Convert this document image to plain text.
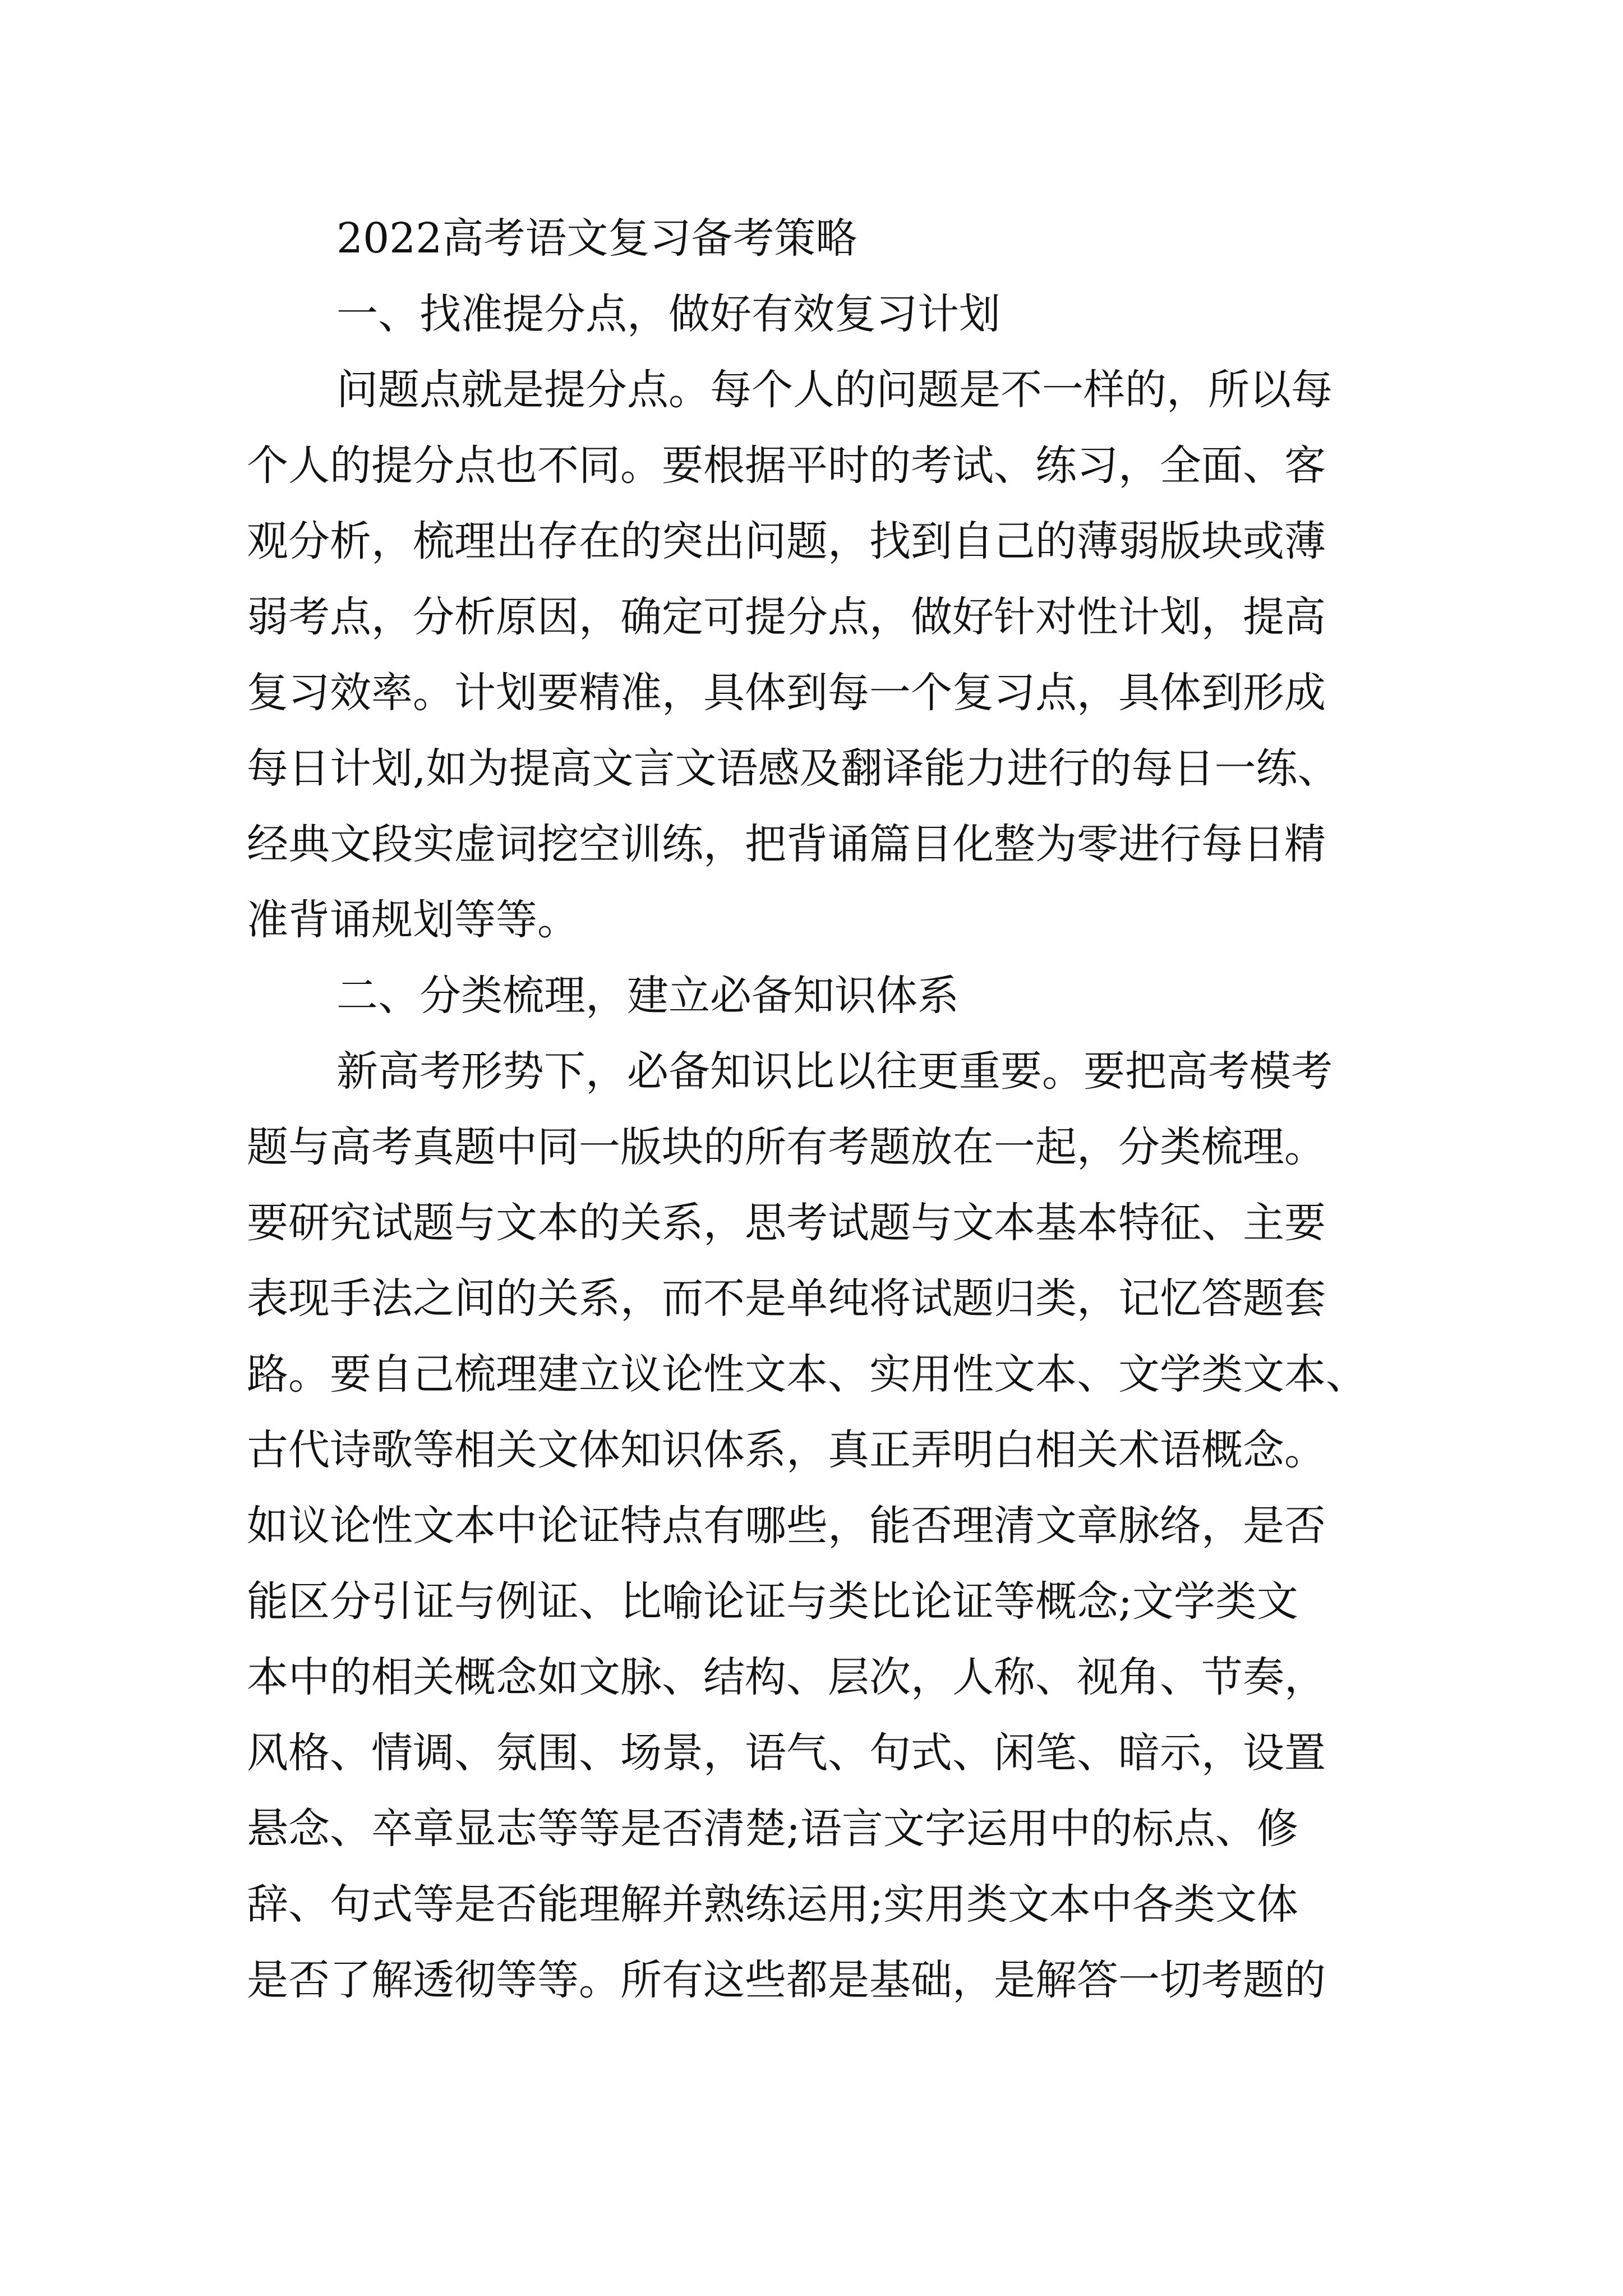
2022高考语文复习备考策略

一、找准提分点，做好有效复习计划

问题点就是提分点。每个人的问题是不一样的，所以每

个人的提分点也不同。要根据平时的考试、练习，全面、客

观分析，梳理出存在的突出问题，找到自己的薄弱版块或薄

弱考点，分析原因，确定可提分点，做好针对性计划，提高

复习效率。计划要精准，具体到每一个复习点，具体到形成

每日计划,如为提高文言文语感及翻译能力进行的每日一练、

经典文段实虚词挖空训练，把背诵篇目化整为零进行每日精

准背诵规划等等。

二、分类梳理，建立必备知识体系

新高考形势下，必备知识比以往更重要。要把高考模考

题与高考真题中同一版块的所有考题放在一起，分类梳理。

要研究试题与文本的关系，思考试题与文本基本特征、主要

表现手法之间的关系，而不是单纯将试题归类，记忆答题套

路。要自己梳理建立议论性文本、实用性文本、文学类文本、

古代诗歌等相关文体知识体系，真正弄明白相关术语概念。

如议论性文本中论证特点有哪些，能否理清文章脉络，是否

能区分引证与例证、比喻论证与类比论证等概念;文学类文

本中的相关概念如文脉、结构、层次，人称、视角、节奏，

风格、情调、氛围、场景，语气、句式、闲笔、暗示，设置

悬念、卒章显志等等是否清楚;语言文字运用中的标点、修

辞、句式等是否能理解并熟练运用;实用类文本中各类文体

是否了解透彻等等。所有这些都是基础，是解答一切考题的
